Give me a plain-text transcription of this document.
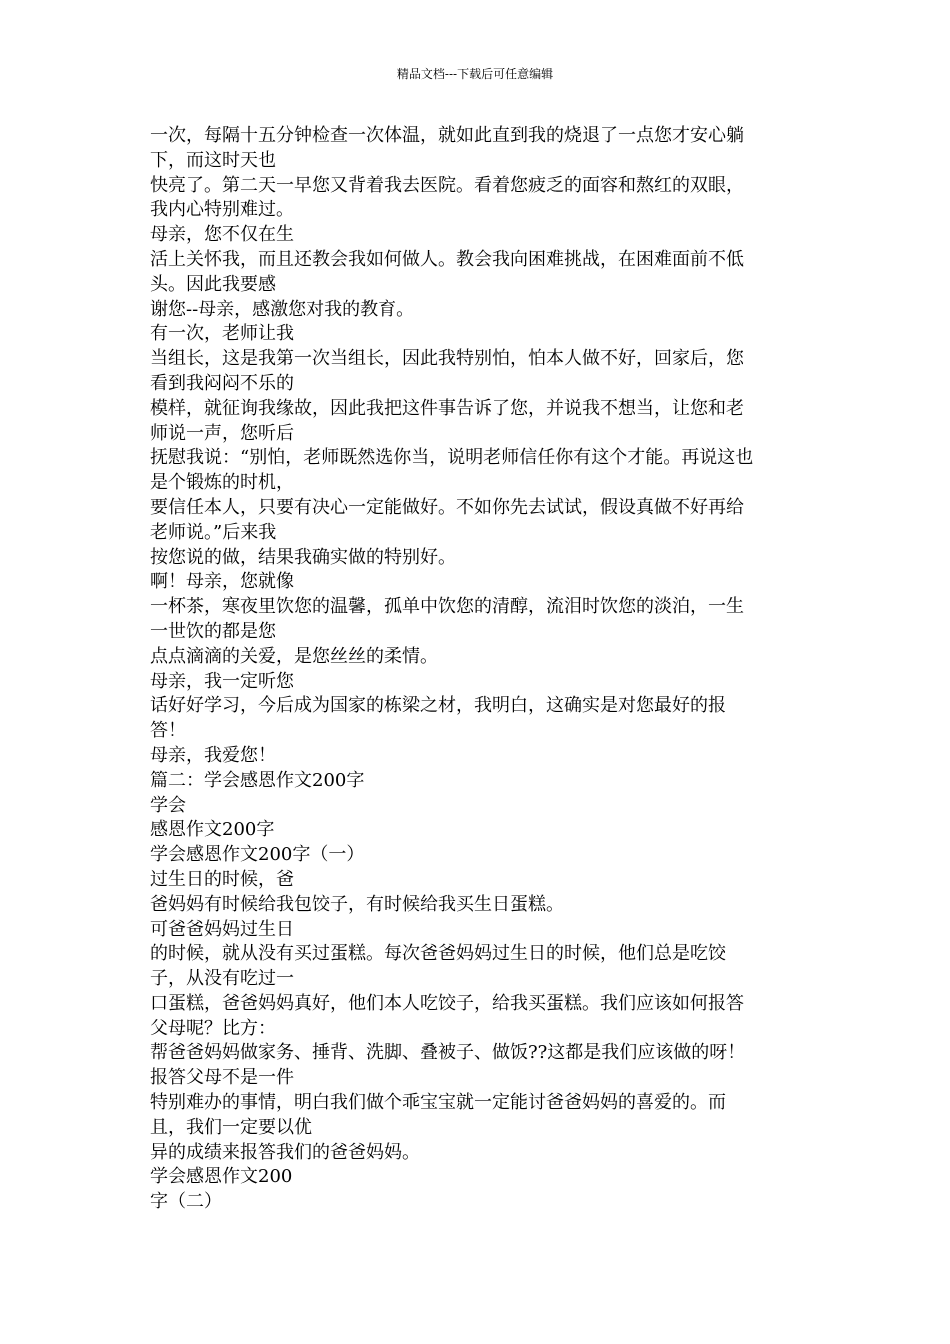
精品文档---下载后可任意编辑

一次，每隔十五分钟检查一次体温，就如此直到我的烧退了一点您才安心躺

下，而这时天也

快亮了。第二天一早您又背着我去医院。看着您疲乏的面容和熬红的双眼，

我内心特别难过。

母亲，您不仅在生

活上关怀我，而且还教会我如何做人。教会我向困难挑战，在困难面前不低

头。因此我要感

谢您--母亲，感激您对我的教育。

有一次，老师让我

当组长，这是我第一次当组长，因此我特别怕，怕本人做不好，回家后，您

看到我闷闷不乐的

模样，就征询我缘故，因此我把这件事告诉了您，并说我不想当，让您和老

师说一声，您听后

抚慰我说：“别怕，老师既然选你当，说明老师信任你有这个才能。再说这也

是个锻炼的时机，

要信任本人，只要有决心一定能做好。不如你先去试试，假设真做不好再给

老师说。”后来我

按您说的做，结果我确实做的特别好。

啊！母亲，您就像

一杯茶，寒夜里饮您的温馨，孤单中饮您的清醇，流泪时饮您的淡泊，一生

一世饮的都是您

点点滴滴的关爱，是您丝丝的柔情。

母亲，我一定听您

话好好学习，今后成为国家的栋梁之材，我明白，这确实是对您最好的报

答！

母亲，我爱您！

篇二：学会感恩作文200字

学会

感恩作文200字

学会感恩作文200字（一）

过生日的时候，爸

爸妈妈有时候给我包饺子，有时候给我买生日蛋糕。

可爸爸妈妈过生日

的时候，就从没有买过蛋糕。每次爸爸妈妈过生日的时候，他们总是吃饺

子，从没有吃过一

口蛋糕，爸爸妈妈真好，他们本人吃饺子，给我买蛋糕。我们应该如何报答

父母呢？比方：

帮爸爸妈妈做家务、捶背、洗脚、叠被子、做饭??这都是我们应该做的呀！

报答父母不是一件

特别难办的事情，明白我们做个乖宝宝就一定能讨爸爸妈妈的喜爱的。而

且，我们一定要以优

异的成绩来报答我们的爸爸妈妈。

学会感恩作文200

字（二）
